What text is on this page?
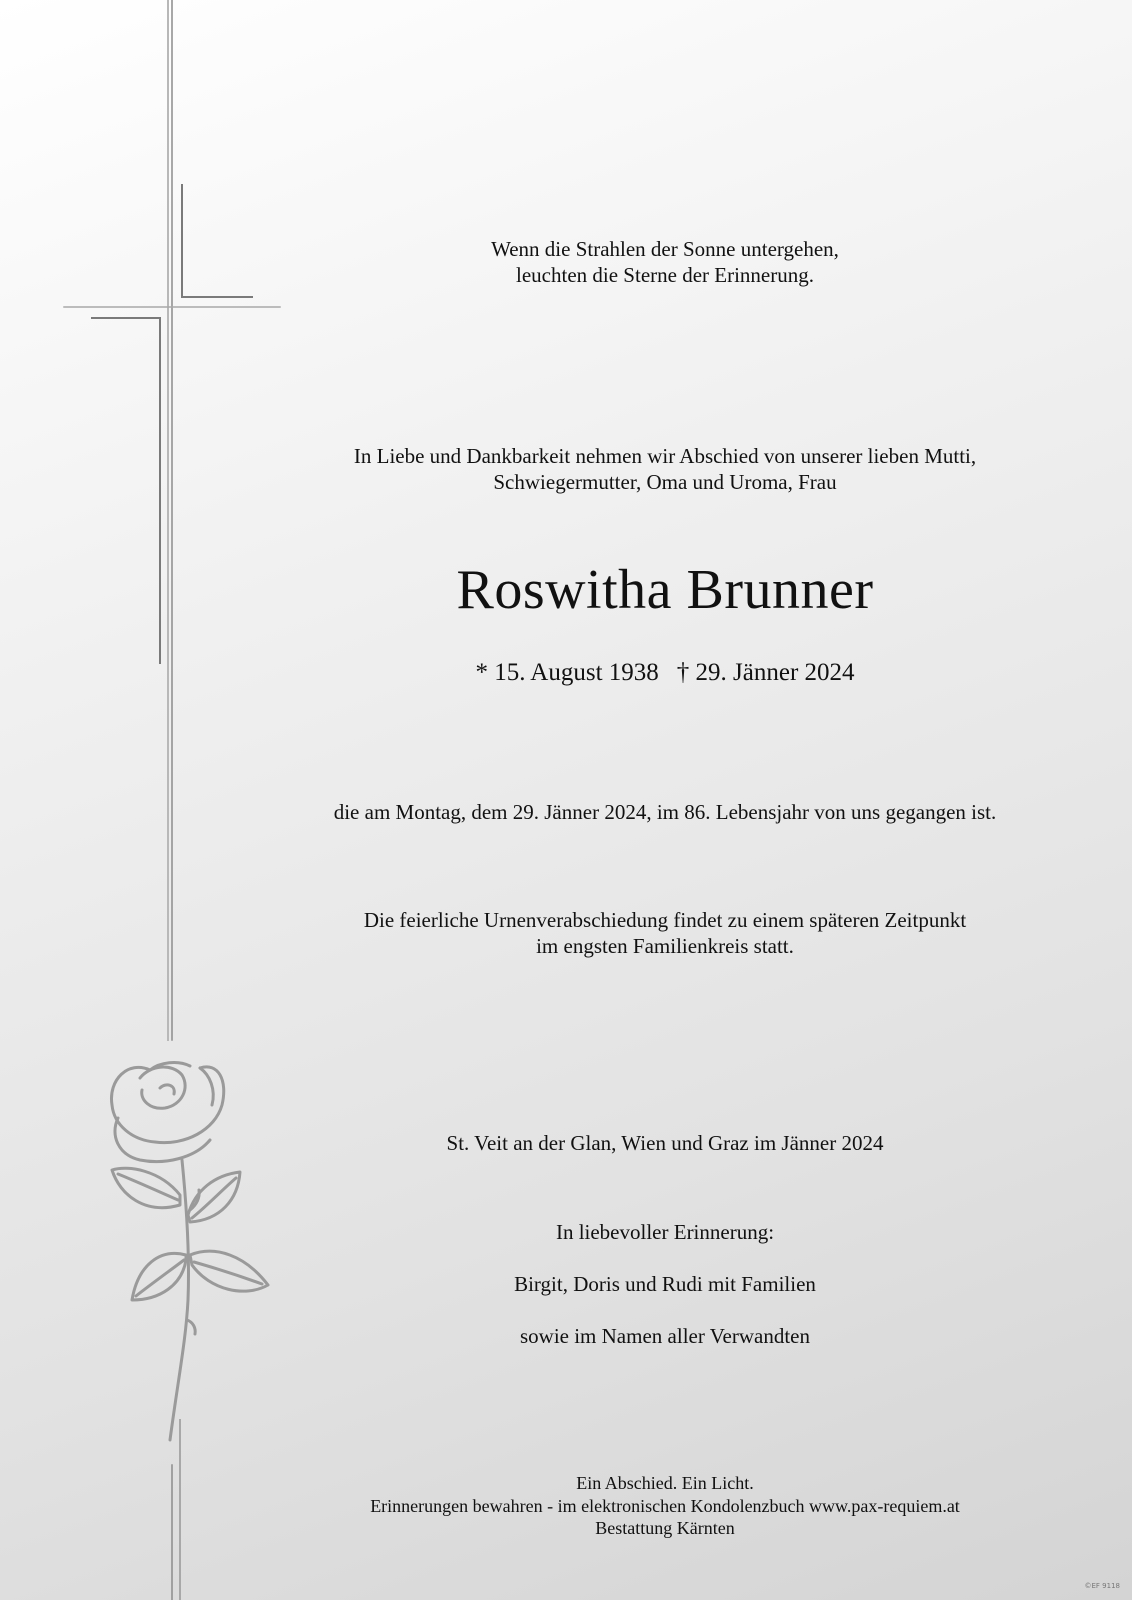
Wenn die Strahlen der Sonne untergehen,
leuchten die Sterne der Erinnerung.
In Liebe und Dankbarkeit nehmen wir Abschied von unserer lieben Mutti,
Schwiegermutter, Oma und Uroma, Frau
Roswitha Brunner
* 15. August 1938 † 29. Jänner 2024
die am Montag, dem 29. Jänner 2024, im 86. Lebensjahr von uns gegangen ist.
Die feierliche Urnenverabschiedung findet zu einem späteren Zeitpunkt
im engsten Familienkreis statt.
St. Veit an der Glan, Wien und Graz im Jänner 2024
In liebevoller Erinnerung:
Birgit, Doris und Rudi mit Familien
sowie im Namen aller Verwandten
Ein Abschied. Ein Licht.
Erinnerungen bewahren - im elektronischen Kondolenzbuch www.pax-requiem.at
Bestattung Kärnten
©EF 9118
